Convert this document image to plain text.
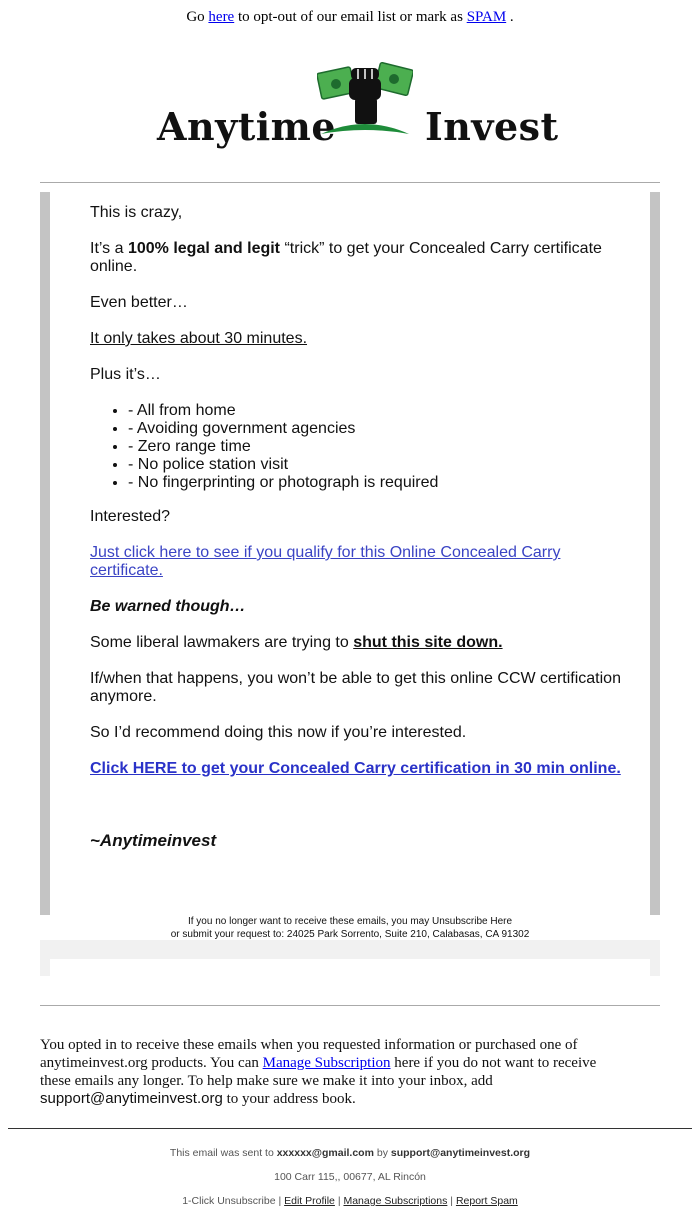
Go here to opt-out of our email list or mark as SPAM .
Anytime Invest

This is crazy,

It’s a 100% legal and legit “trick” to get your Concealed Carry certificate online.

Even better…

It only takes about 30 minutes.

Plus it’s…

• - All from home
• - Avoiding government agencies
• - Zero range time
• - No police station visit
• - No fingerprinting or photograph is required

Interested?

Just click here to see if you qualify for this Online Concealed Carry certificate.

Be warned though…

Some liberal lawmakers are trying to shut this site down.

If/when that happens, you won’t be able to get this online CCW certification anymore.

So I’d recommend doing this now if you’re interested.

Click HERE to get your Concealed Carry certification in 30 min online.

~Anytimeinvest
If you no longer want to receive these emails, you may Unsubscribe Here
or submit your request to: 24025 Park Sorrento, Suite 210, Calabasas, CA 91302
You opted in to receive these emails when you requested information or purchased one of anytimeinvest.org products. You can Manage Subscription here if you do not want to receive these emails any longer. To help make sure we make it into your inbox, add support@anytimeinvest.org to your address book.
This email was sent to xxxxxx@gmail.com by support@anytimeinvest.org
100 Carr 115,, 00677, AL Rincón
1-Click Unsubscribe | Edit Profile | Manage Subscriptions | Report Spam
